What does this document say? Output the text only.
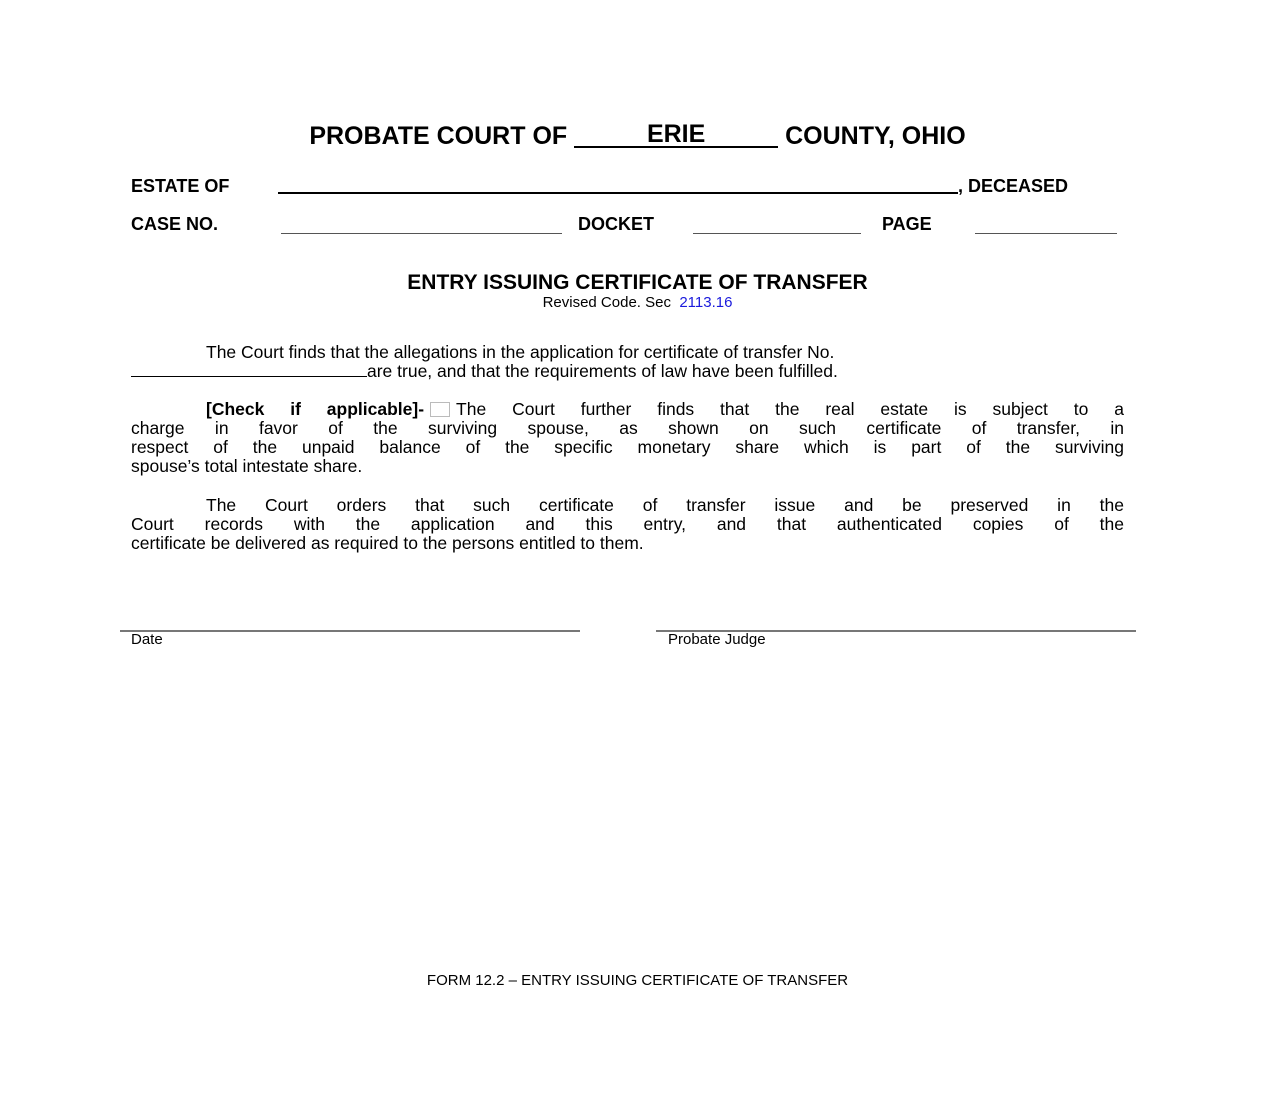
PROBATE COURT OF	ERIE	COUNTY, OHIO
ESTATE OF	, DECEASED
CASE NO.	DOCKET	PAGE
ENTRY ISSUING CERTIFICATE OF TRANSFER
Revised Code. Sec 2113.16
The Court finds that the allegations in the application for certificate of transfer No.
are true, and that the requirements of law have been fulfilled.
[Check if applicable]- The Court further finds that the real estate is subject to a
charge in favor of the surviving spouse, as shown on such certificate of transfer, in
respect of the unpaid balance of the specific monetary share which is part of the surviving
spouse’s total intestate share.
The Court orders that such certificate of transfer issue and be preserved in the
Court records with the application and this entry, and that authenticated copies of the
certificate be delivered as required to the persons entitled to them.
Date	Probate Judge
FORM 12.2 – ENTRY ISSUING CERTIFICATE OF TRANSFER
